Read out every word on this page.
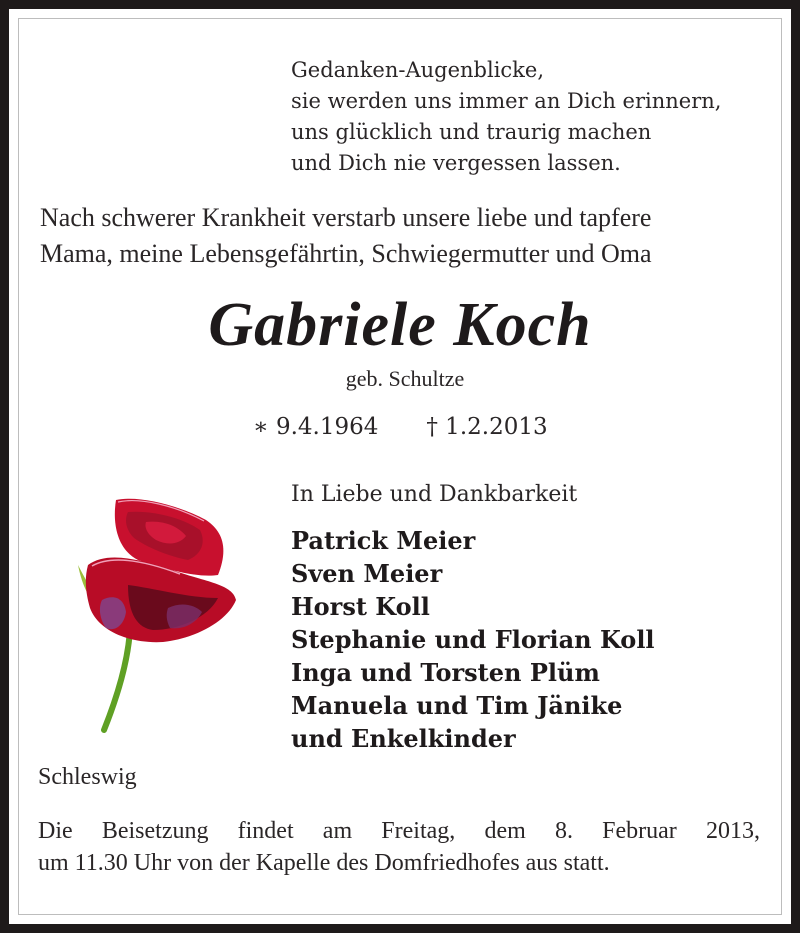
Gedanken-Augenblicke,
sie werden uns immer an Dich erinnern,
uns glücklich und traurig machen
und Dich nie vergessen lassen.
Nach schwerer Krankheit verstarb unsere liebe und tapfere
Mama, meine Lebensgefährtin, Schwiegermutter und Oma
Gabriele Koch
geb. Schultze
∗ 9.4.1964 † 1.2.2013
In Liebe und Dankbarkeit
Patrick Meier
Sven Meier
Horst Koll
Stephanie und Florian Koll
Inga und Torsten Plüm
Manuela und Tim Jänike
und Enkelkinder
Schleswig
Die Beisetzung findet am Freitag, dem 8. Februar 2013,
um 11.30 Uhr von der Kapelle des Domfriedhofes aus statt.
